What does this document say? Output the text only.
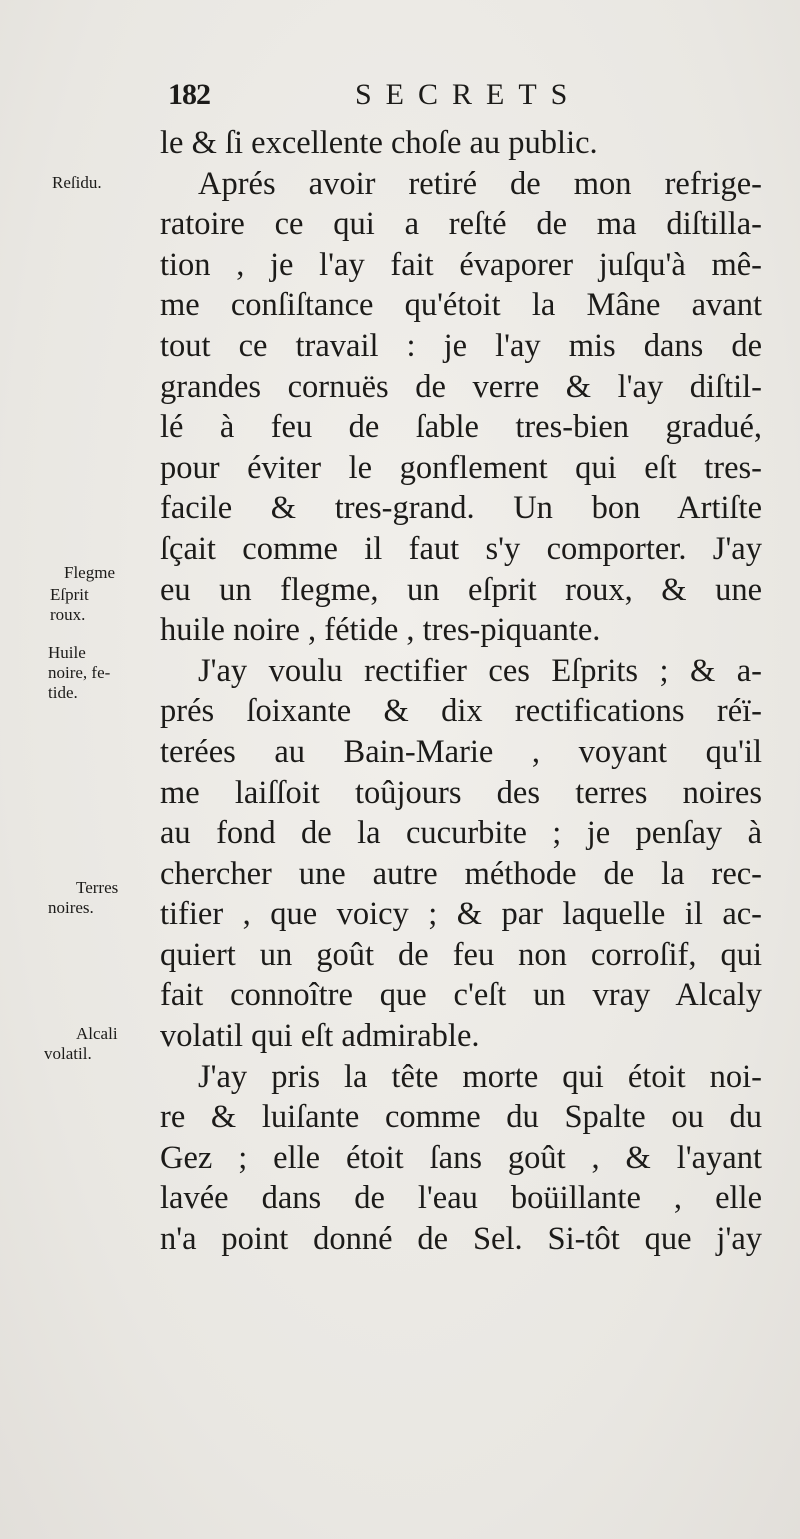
182	SECRETS
Reſidu.
Flegme
Eſprit
roux.
Huile
noire, fe-
tide.
Terres
noires.
Alcali
volatil.
le & ſi excellente choſe au public.
Aprés avoir retiré de mon refrige-
ratoire ce qui a reſté de ma diſtilla-
tion , je l'ay fait évaporer juſqu'à mê-
me conſiſtance qu'étoit la Mâne avant
tout ce travail : je l'ay mis dans de
grandes cornuës de verre & l'ay diſtil-
lé à feu de ſable tres-bien gradué,
pour éviter le gonflement qui eſt tres-
facile & tres-grand. Un bon Artiſte
ſçait comme il faut s'y comporter. J'ay
eu un flegme, un eſprit roux, & une
huile noire , fétide , tres-piquante.
J'ay voulu rectifier ces Eſprits ; & a-
prés ſoixante & dix rectifications réï-
terées au Bain-Marie , voyant qu'il
me laiſſoit toûjours des terres noires
au fond de la cucurbite ; je penſay à
chercher une autre méthode de la rec-
tifier , que voicy ; & par laquelle il ac-
quiert un goût de feu non corroſif, qui
fait connoître que c'eſt un vray Alcaly
volatil qui eſt admirable.
J'ay pris la tête morte qui étoit noi-
re & luiſante comme du Spalte ou du
Gez ; elle étoit ſans goût , & l'ayant
lavée dans de l'eau boüillante , elle
n'a point donné de Sel. Si-tôt que j'ay
